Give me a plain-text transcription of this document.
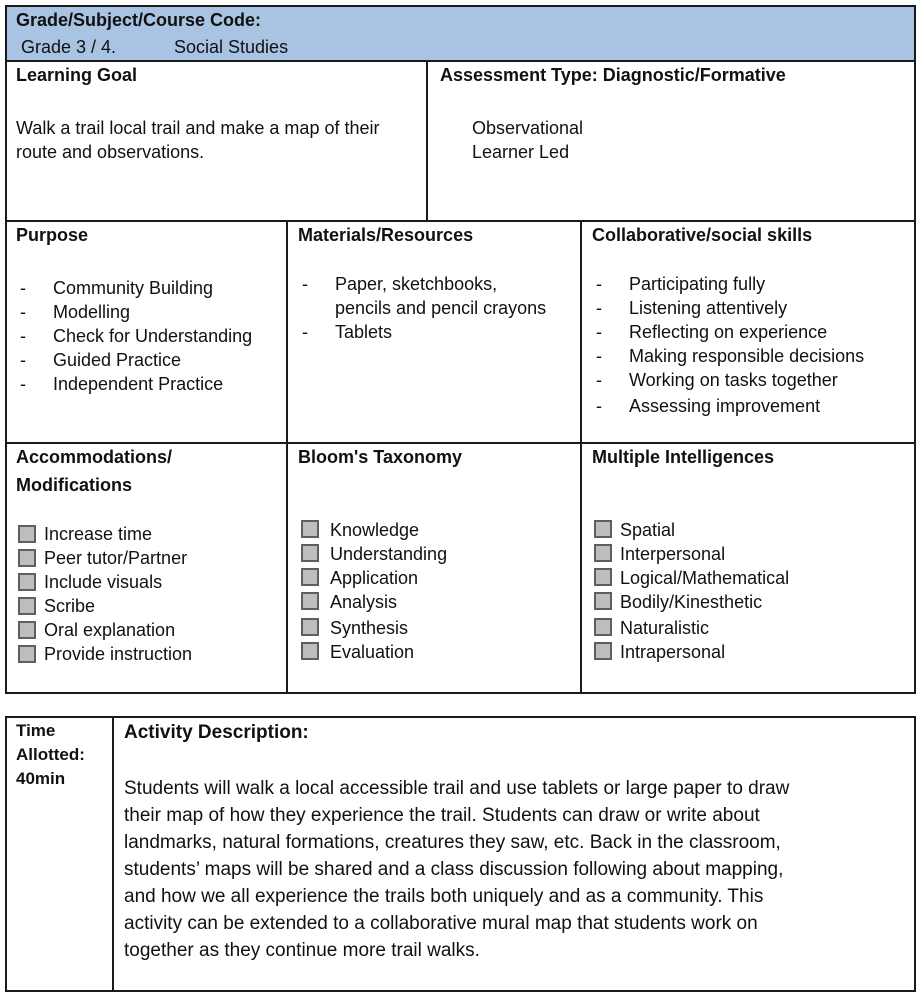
Grade/Subject/Course Code:
Grade 3 / 4.	Social Studies
Learning Goal
Walk a trail local trail and make a map of their
route and observations.
Assessment Type: Diagnostic/Formative
Observational
Learner Led
Purpose
- Community Building
- Modelling
- Check for Understanding
- Guided Practice
- Independent Practice
Materials/Resources
- Paper, sketchbooks,
pencils and pencil crayons
- Tablets
Collaborative/social skills
- Participating fully
- Listening attentively
- Reflecting on experience
- Making responsible decisions
- Working on tasks together
- Assessing improvement
Accommodations/
Modifications
Increase time
Peer tutor/Partner
Include visuals
Scribe
Oral explanation
Provide instruction
Bloom's Taxonomy
Knowledge
Understanding
Application
Analysis
Synthesis
Evaluation
Multiple Intelligences
Spatial
Interpersonal
Logical/Mathematical
Bodily/Kinesthetic
Naturalistic
Intrapersonal
Time
Allotted:
40min
Activity Description:
Students will walk a local accessible trail and use tablets or large paper to draw
their map of how they experience the trail. Students can draw or write about
landmarks, natural formations, creatures they saw, etc. Back in the classroom,
students’ maps will be shared and a class discussion following about mapping,
and how we all experience the trails both uniquely and as a community. This
activity can be extended to a collaborative mural map that students work on
together as they continue more trail walks.
